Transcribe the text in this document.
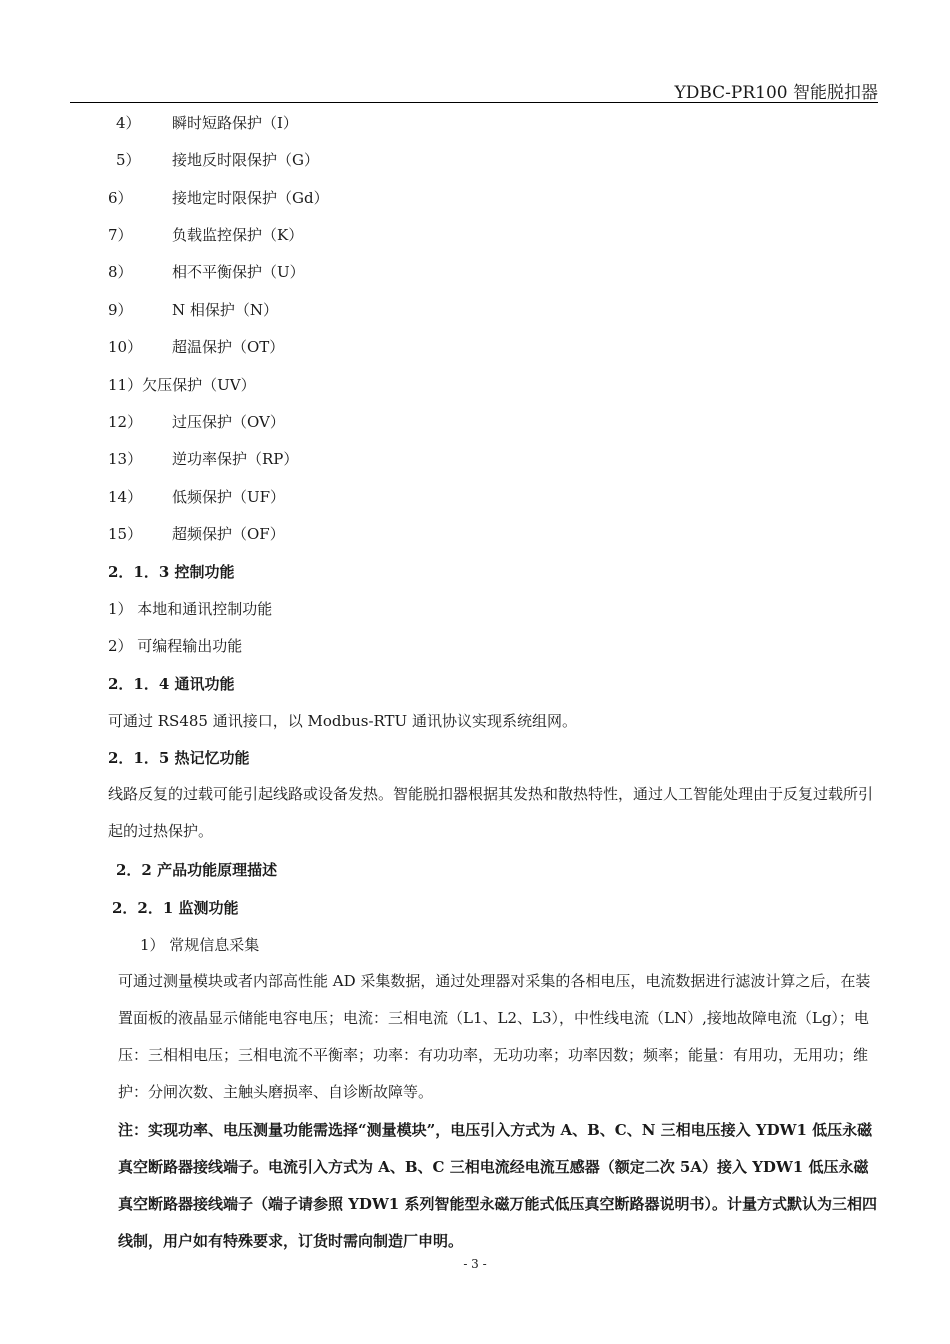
YDBC-PR100 智能脱扣器
4） 瞬时短路保护（I）
5） 接地反时限保护（G）
6）	接地定时限保护（Gd）
7）	负载监控保护（K）
8）	相不平衡保护（U）
9）	N 相保护（N）
10） 超温保护（OT）
11）欠压保护（UV）
12） 过压保护（OV）
13） 逆功率保护（RP）
14） 低频保护（UF）
15） 超频保护（OF）
2．1．3 控制功能
1） 本地和通讯控制功能
2） 可编程输出功能
2．1．4 通讯功能
可通过 RS485 通讯接口，以 Modbus-RTU 通讯协议实现系统组网。
2．1．5 热记忆功能
线路反复的过载可能引起线路或设备发热。智能脱扣器根据其发热和散热特性，通过人工智能处理由于反复过载所引起的过热保护。
2．2 产品功能原理描述
2．2．1 监测功能
1） 常规信息采集
可通过测量模块或者内部高性能 AD 采集数据，通过处理器对采集的各相电压，电流数据进行滤波计算之后，在装置面板的液晶显示储能电容电压；电流：三相电流（L1、L2、L3），中性线电流（LN）,接地故障电流（Lg）；电压：三相相电压；三相电流不平衡率；功率：有功功率，无功功率；功率因数；频率；能量：有用功，无用功；维护：分闸次数、主触头磨损率、自诊断故障等。
注：实现功率、电压测量功能需选择“测量模块”，电压引入方式为 A、B、C、N 三相电压接入 YDW1 低压永磁真空断路器接线端子。电流引入方式为 A、B、C 三相电流经电流互感器（额定二次 5A）接入 YDW1 低压永磁真空断路器接线端子（端子请参照 YDW1 系列智能型永磁万能式低压真空断路器说明书）。计量方式默认为三相四线制，用户如有特殊要求，订货时需向制造厂申明。
- 3 -
